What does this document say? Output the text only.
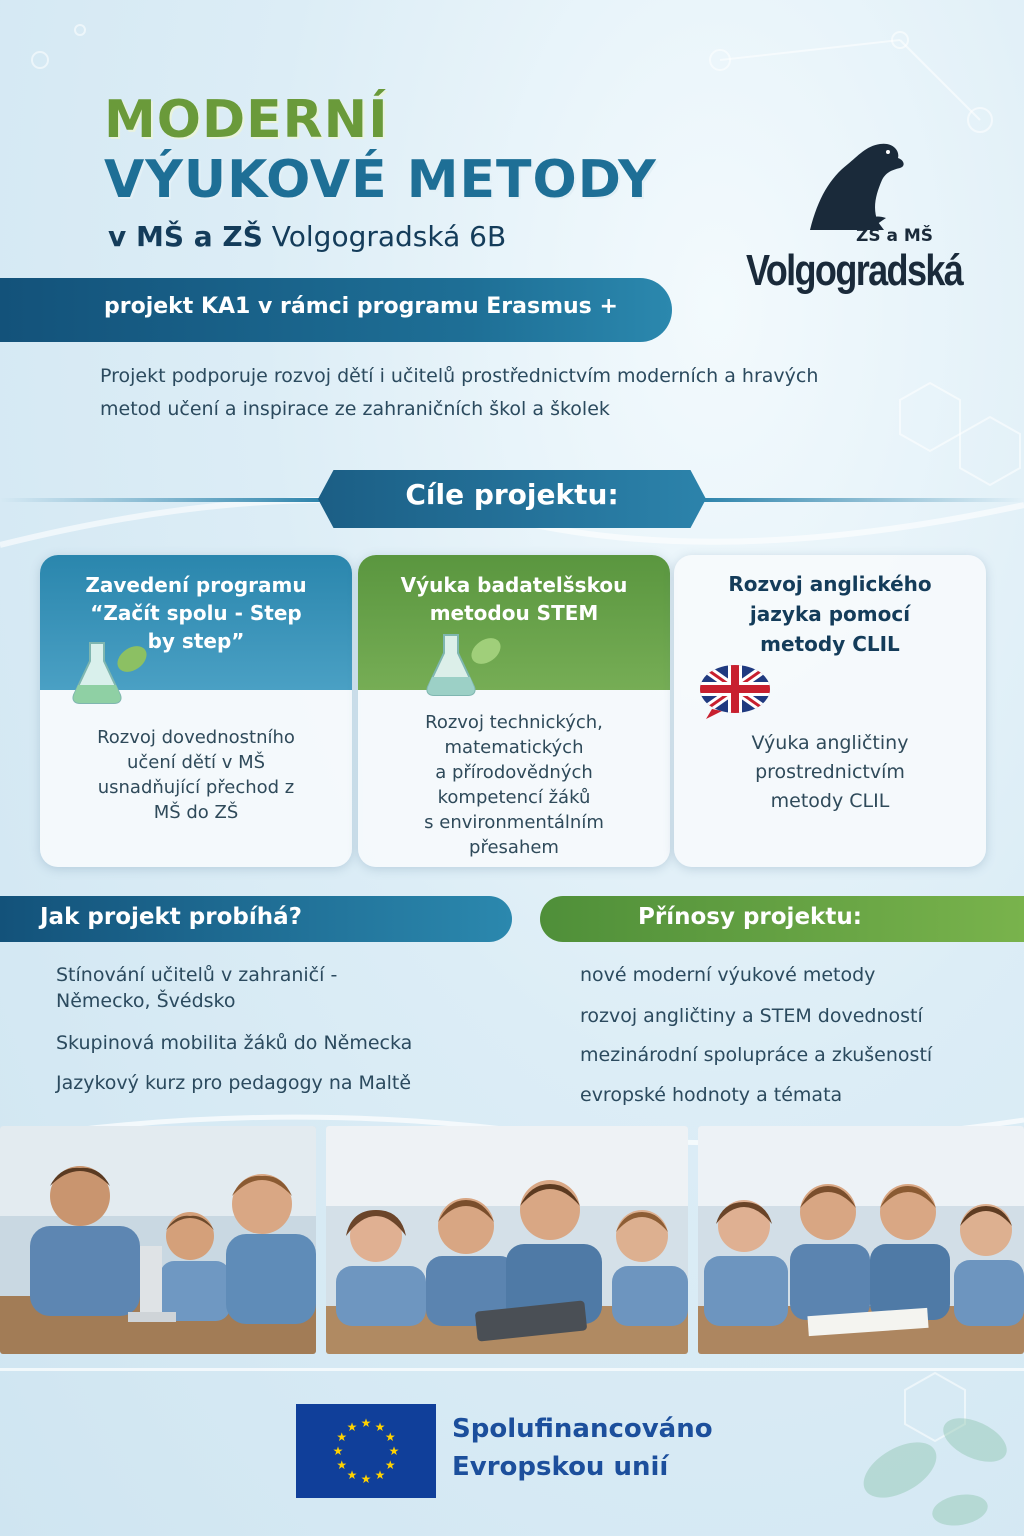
MODERNÍ
VÝUKOVÉ METODY
v MŠ a ZŠ Volgogradská 6B	ZŠ a MŠ
Volgogradská
projekt KA1 v rámci programu Erasmus +
Projekt podporuje rozvoj dětí i učitelů prostřednictvím moderních a hravých metod učení a inspirace ze zahraničních škol a školek
Cíle projektu:
Zavedení programu
“Začít spolu - Step
by step”
Rozvoj dovednostního
učení dětí v MŠ
usnadňující přechod z
MŠ do ZŠ
Výuka badatelšskou
metodou STEM
Rozvoj technických,
matematických
a přírodovědných
kompetencí žáků
s environmentálním
přesahem
Rozvoj anglického
jazyka pomocí
metody CLIL
Výuka angličtiny
prostrednictvím
metody CLIL
Jak projekt probíhá?	Přínosy projektu:
Stínování učitelů v zahraničí -
Německo, Švédsko
Skupinová mobilita žáků do Německa
Jazykový kurz pro pedagogy na Maltě
nové moderní výukové metody
rozvoj angličtiny a STEM dovedností
mezinárodní spolupráce a zkušeností
evropské hodnoty a témata
★
★
★
★
★
★
★
★
★ ★ ★
★ Spolufinancováno
Evropskou unií
